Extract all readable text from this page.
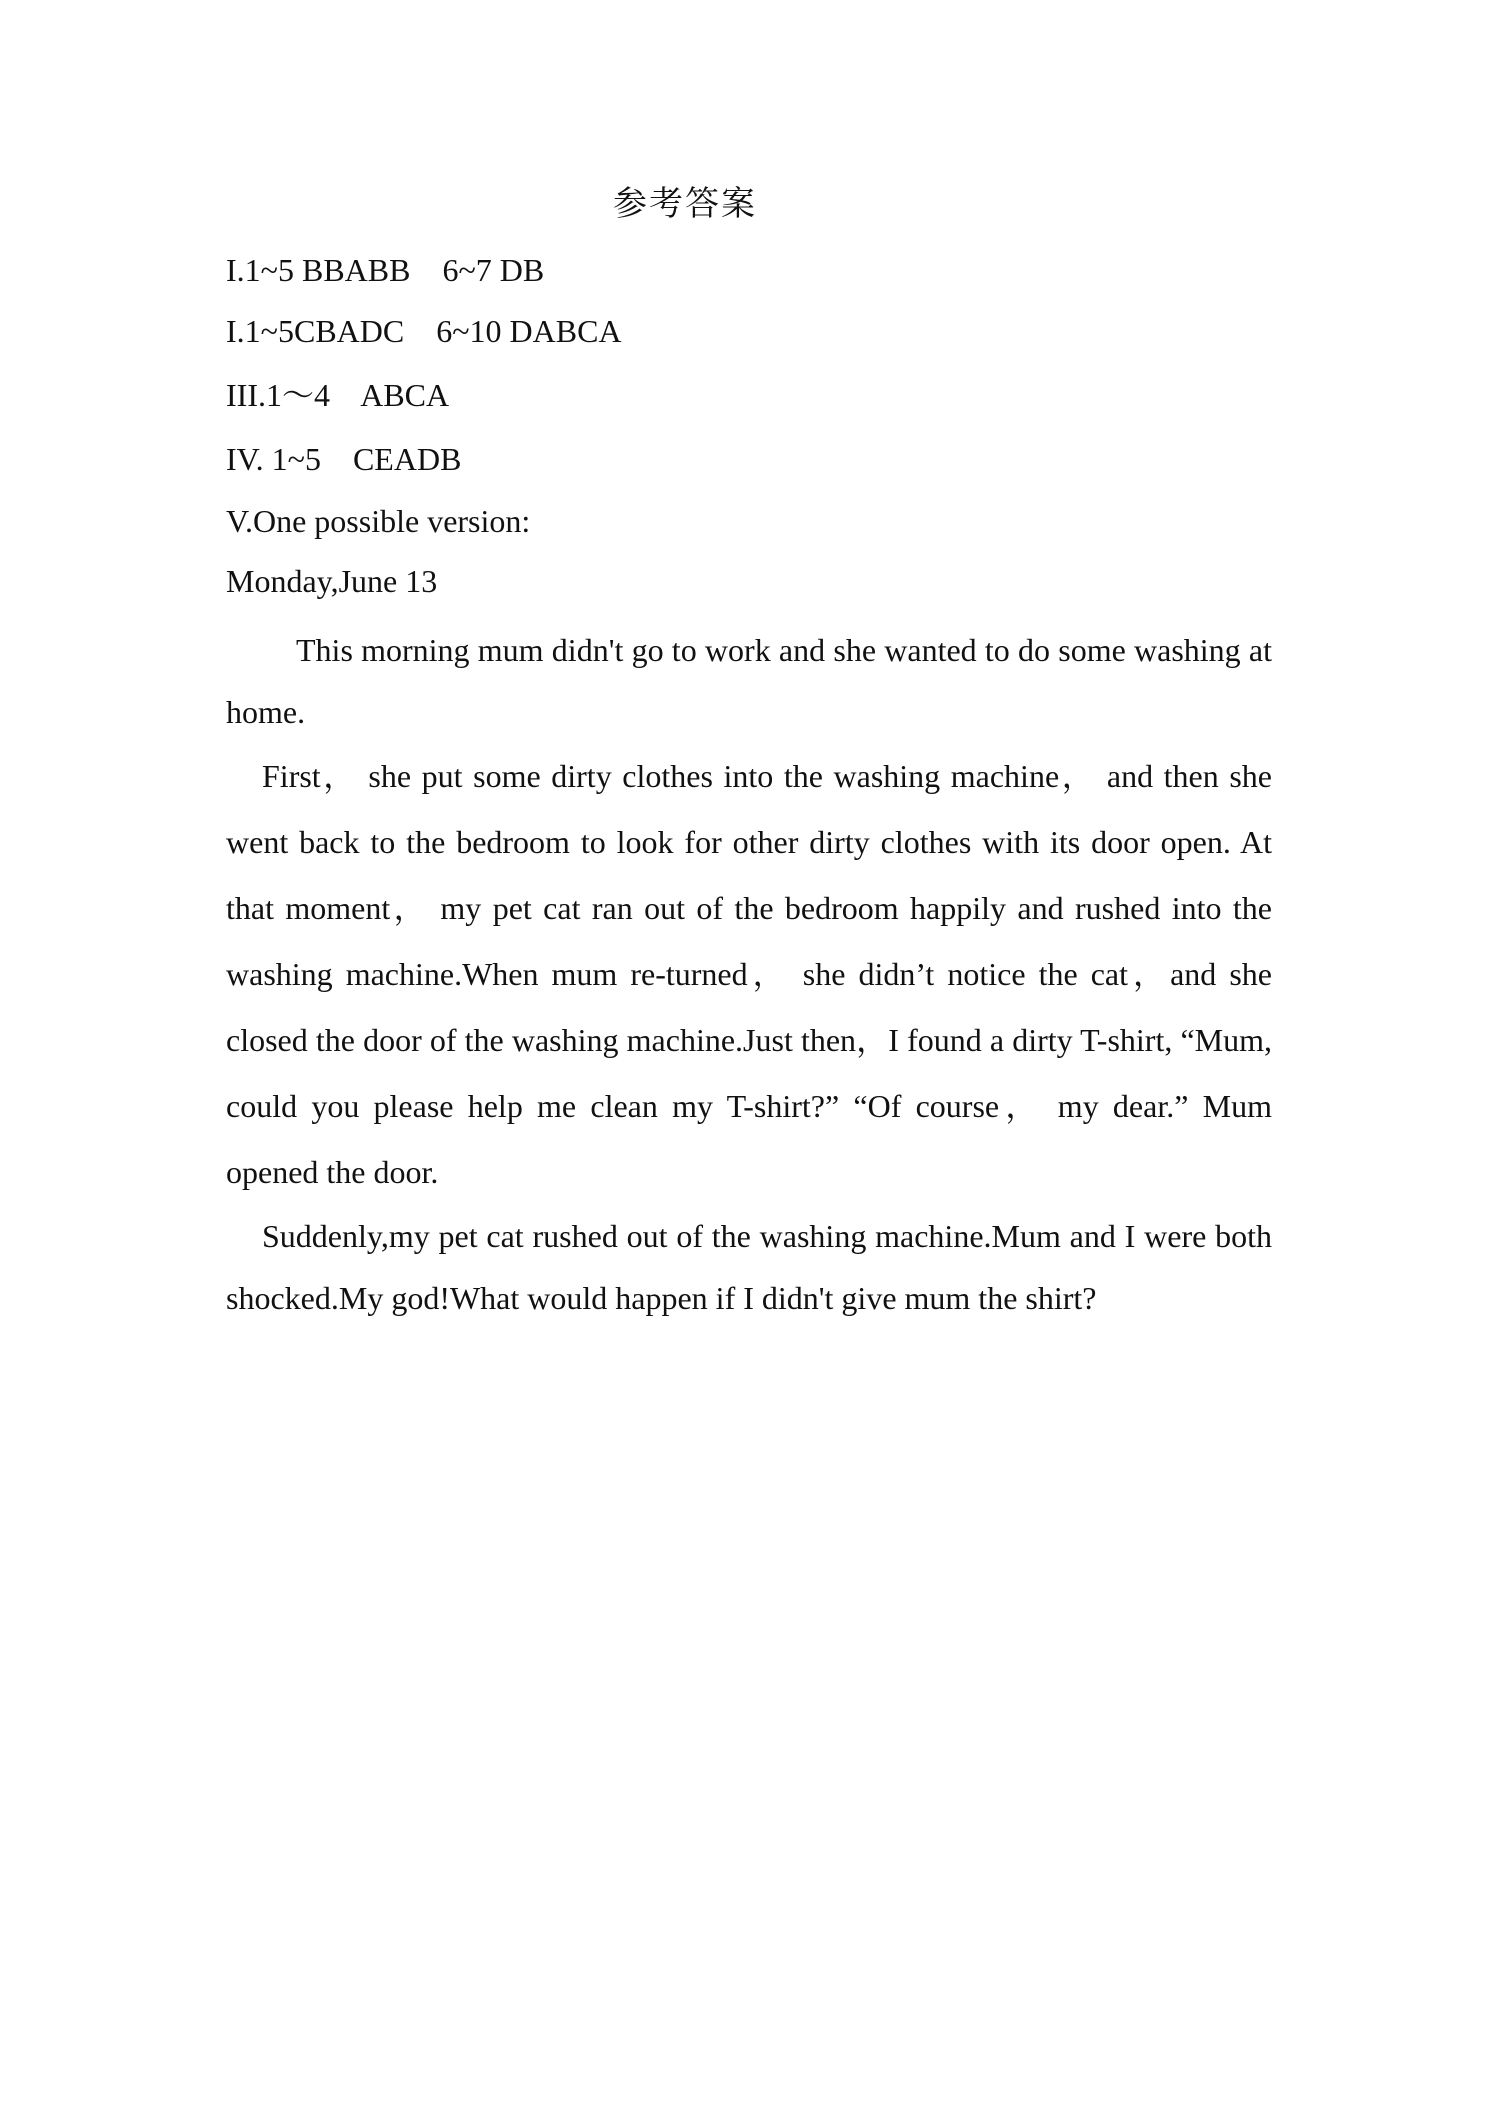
参考答案
I.1~5 BBABB    6~7 DB
I.1~5CBADC    6~10 DABCA
III.1～4    ABCA
IV. 1~5    CEADB
V.One possible version:
Monday,June 13

This morning mum didn't go to work and she wanted to do some washing at home.

First， she put some dirty clothes into the washing machine， and then she went back to the bedroom to look for other dirty clothes with its door open. At that moment， my pet cat ran out of the bedroom happily and rushed into the washing machine.When mum re-turned， she didn’t notice the cat，and she closed the door of the washing machine.Just then，I found a dirty T-shirt, “Mum, could you please help me clean my T-shirt?” “Of course， my dear.” Mum opened the door.

Suddenly,my pet cat rushed out of the washing machine.Mum and I were both shocked.My god!What would happen if I didn't give mum the shirt?
